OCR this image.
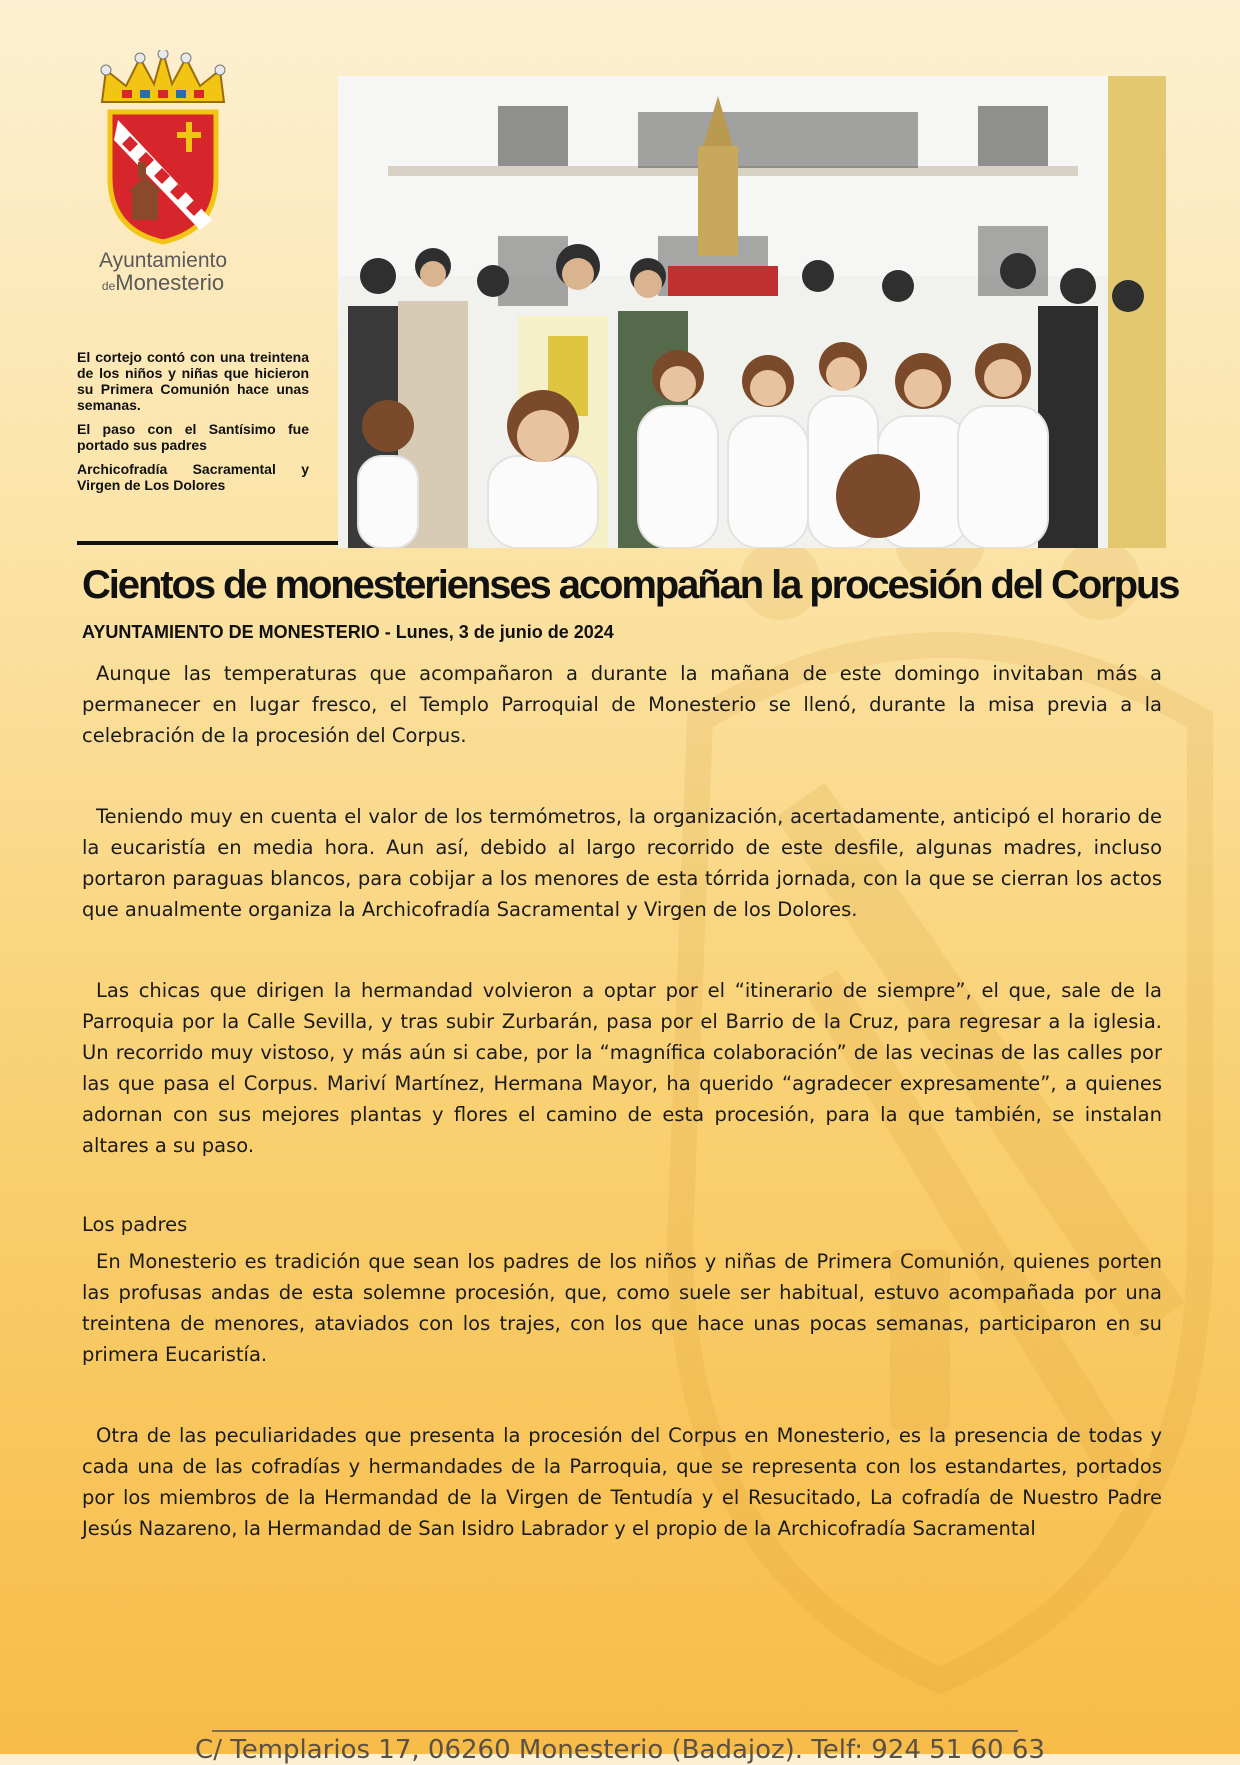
Ayuntamiento
deMonesterio

El cortejo contó con una treintena de los niños y niñas que hicieron su Primera Comunión hace unas semanas.

El paso con el Santísimo fue portado sus padres

Archicofradía Sacramental y Virgen de Los Dolores

Cientos de monesterienses acompañan la procesión del Corpus

AYUNTAMIENTO DE MONESTERIO - Lunes, 3 de junio de 2024

Aunque las temperaturas que acompañaron a durante la mañana de este domingo invitaban más a permanecer en lugar fresco, el Templo Parroquial de Monesterio se llenó, durante la misa previa a la celebración de la procesión del Corpus.

Teniendo muy en cuenta el valor de los termómetros, la organización, acertadamente, anticipó el horario de la eucaristía en media hora. Aun así, debido al largo recorrido de este desfile, algunas madres, incluso portaron paraguas blancos, para cobijar a los menores de esta tórrida jornada, con la que se cierran los actos que anualmente organiza la Archicofradía Sacramental y Virgen de los Dolores.

Las chicas que dirigen la hermandad volvieron a optar por el “itinerario de siempre”, el que, sale de la Parroquia por la Calle Sevilla, y tras subir Zurbarán, pasa por el Barrio de la Cruz, para regresar a la iglesia. Un recorrido muy vistoso, y más aún si cabe, por la “magnífica colaboración” de las vecinas de las calles por las que pasa el Corpus. Mariví Martínez, Hermana Mayor, ha querido “agradecer expresamente”, a quienes adornan con sus mejores plantas y flores el camino de esta procesión, para la que también, se instalan altares a su paso.

Los padres

En Monesterio es tradición que sean los padres de los niños y niñas de Primera Comunión, quienes porten las profusas andas de esta solemne procesión, que, como suele ser habitual, estuvo acompañada por una treintena de menores, ataviados con los trajes, con los que hace unas pocas semanas, participaron en su primera Eucaristía.

Otra de las peculiaridades que presenta la procesión del Corpus en Monesterio, es la presencia de todas y cada una de las cofradías y hermandades de la Parroquia, que se representa con los estandartes, portados por los miembros de la Hermandad de la Virgen de Tentudía y el Resucitado, La cofradía de Nuestro Padre Jesús Nazareno, la Hermandad de San Isidro Labrador y el propio de la Archicofradía Sacramental

C/ Templarios 17, 06260 Monesterio (Badajoz). Telf: 924 51 60 63
